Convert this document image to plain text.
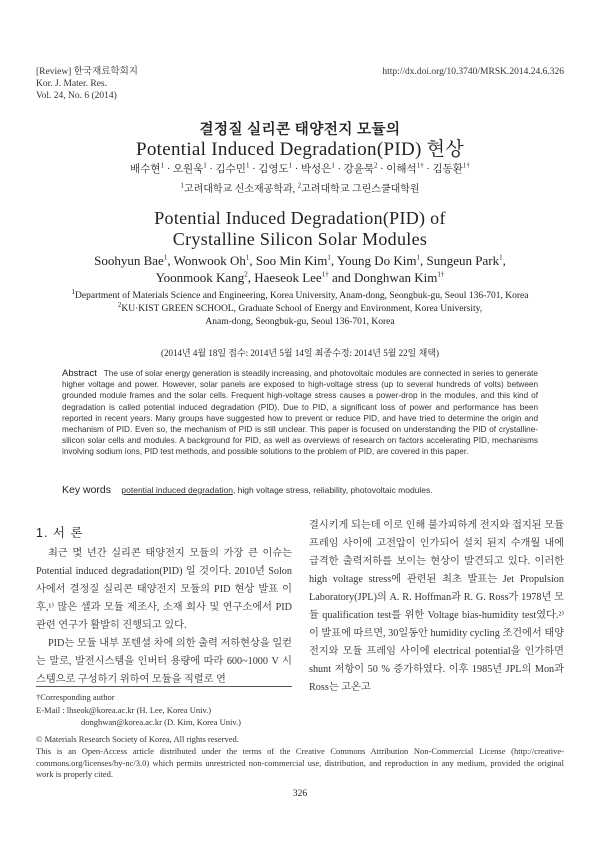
[Review] 한국재료학회지
Kor. J. Mater. Res.
Vol. 24, No. 6 (2014)
http://dx.doi.org/10.3740/MRSK.2014.24.6.326
결정질 실리콘 태양전지 모듈의
Potential Induced Degradation(PID) 현상
배수현$^1$ · 오원욱$^1$ · 김수민$^1$ · 김영도$^1$ · 박성은$^1$ · 강윤묵$^2$ · 이해석$^{1\dagger}$ · 김동환$^{1\dagger}$
$^1$고려대학교 신소재공학과, $^2$고려대학교 그린스쿨대학원
Potential Induced Degradation(PID) of
Crystalline Silicon Solar Modules
Soohyun Bae$^1$, Wonwook Oh$^1$, Soo Min Kim$^1$, Young Do Kim$^1$, Sungeun Park$^1$,
Yoonmook Kang$^2$, Haeseok Lee$^{1\dagger}$ and Donghwan Kim$^{1\dagger}$
$^1$Department of Materials Science and Engineering, Korea University, Anam-dong, Seongbuk-gu, Seoul 136-701, Korea
$^2$KU·KIST GREEN SCHOOL, Graduate School of Energy and Environment, Korea University,
Anam-dong, Seongbuk-gu, Seoul 136-701, Korea
(2014년 4월 18일 접수: 2014년 5월 14일 최종수정: 2014년 5월 22일 채택)
Abstract The use of solar energy generation is steadily increasing, and photovoltaic modules are connected in series to generate higher voltage and power. However, solar panels are exposed to high-voltage stress (up to several hundreds of volts) between grounded module frames and the solar cells. Frequent high-voltage stress causes a power-drop in the modules, and this kind of degradation is called potential induced degradation (PID). Due to PID, a significant loss of power and performance has been reported in recent years. Many groups have suggested how to prevent or reduce PID, and have tried to determine the origin and mechanism of PID. Even so, the mechanism of PID is still unclear. This paper is focused on understanding the PID of crystalline-silicon solar cells and modules. A background for PID, as well as overviews of research on factors accelerating PID, mechanisms involving sodium ions, PID test methods, and possible solutions to the problem of PID, are covered in this paper.
Key words potential induced degradation, high voltage stress, reliability, photovoltaic modules.
1. 서 론

최근 몇 년간 실리콘 태양전지 모듈의 가장 큰 이슈는 Potential induced degradation(PID) 일 것이다. 2010년 Solon 사에서 결정질 실리콘 태양전지 모듈의 PID 현상 발표 이후,¹⁾ 많은 셀과 모듈 제조사, 소재 회사 및 연구소에서 PID 관련 연구가 활발히 진행되고 있다.

PID는 모듈 내부 포텐셜 차에 의한 출력 저하현상을 일컫는 말로, 발전시스템을 인버터 용량에 따라 600~1000 V 시스템으로 구성하기 위하여 모듈을 직렬로 연

결시키게 되는데 이로 인해 불가피하게 전지와 접지된 모듈 프레임 사이에 고전압이 인가되어 설치 된지 수개월 내에 급격한 출력저하를 보이는 현상이 발견되고 있다. 이러한 high voltage stress에 관련된 최초 발표는 Jet Propulsion Laboratory(JPL)의 A. R. Hoffman과 R. G. Ross가 1978년 모듈 qualification test를 위한 Voltage bias-humidity test였다.²⁾ 이 발표에 따르면, 30일동안 humidity cycling 조건에서 태양전지와 모듈 프레임 사이에 electrical potential을 인가하면 shunt 저항이 50 % 증가하였다. 이후 1985년 JPL의 Mon과 Ross는 고온고

†Corresponding author
E-Mail : lhseok@korea.ac.kr (H. Lee, Korea Univ.)
donghwan@korea.ac.kr (D. Kim, Korea Univ.)
© Materials Research Society of Korea, All rights reserved.
This is an Open-Access article distributed under the terms of the Creative Commons Attribution Non-Commercial License (http://creative-commons.org/licenses/by-nc/3.0) which permits unrestricted non-commercial use, distribution, and reproduction in any medium, provided the original work is properly cited.
326
